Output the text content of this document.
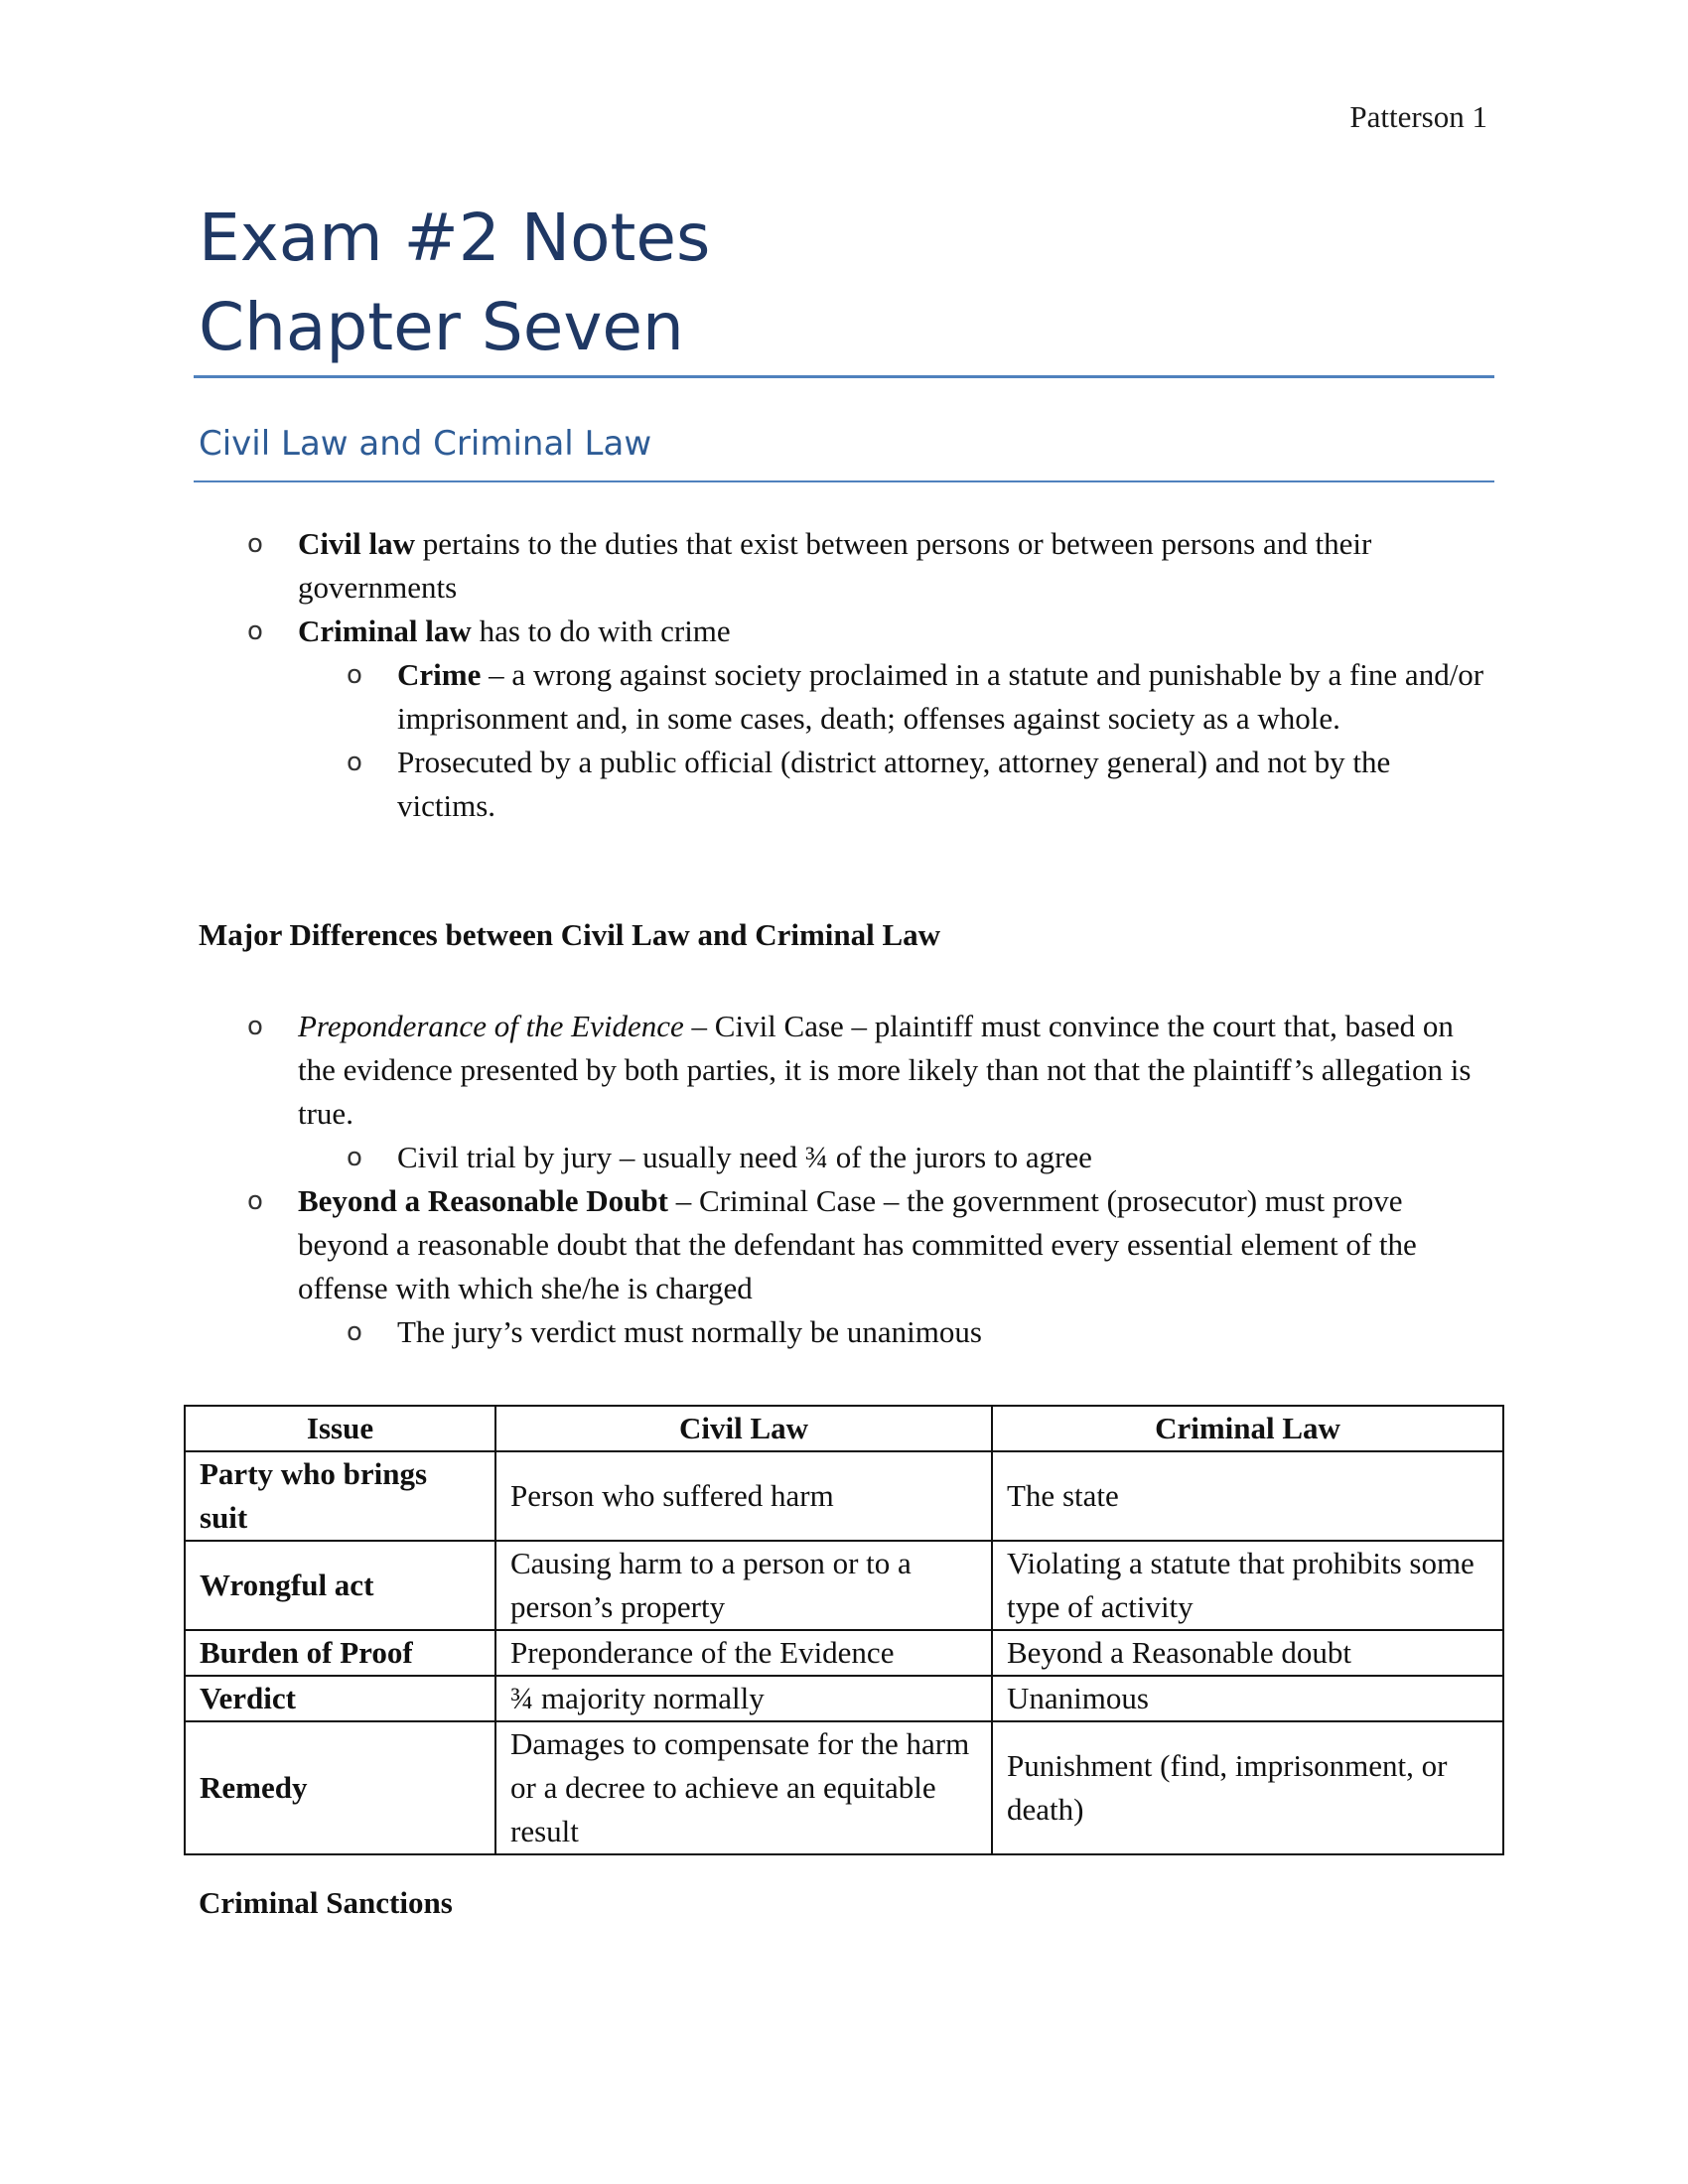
Patterson 1
Exam #2 Notes
Chapter Seven
Civil Law and Criminal Law
o Civil law pertains to the duties that exist between persons or between persons and their governments
o Criminal law has to do with crime
o Crime – a wrong against society proclaimed in a statute and punishable by a fine and/or imprisonment and, in some cases, death; offenses against society as a whole.
o Prosecuted by a public official (district attorney, attorney general) and not by the victims.
Major Differences between Civil Law and Criminal Law
o Preponderance of the Evidence – Civil Case – plaintiff must convince the court that, based on the evidence presented by both parties, it is more likely than not that the plaintiff’s allegation is true.
o Civil trial by jury – usually need ¾ of the jurors to agree
o Beyond a Reasonable Doubt – Criminal Case – the government (prosecutor) must prove beyond a reasonable doubt that the defendant has committed every essential element of the offense with which she/he is charged
o The jury’s verdict must normally be unanimous
Issue	Civil Law	Criminal Law
Party who brings suit	Person who suffered harm	The state
Wrongful act	Causing harm to a person or to a person’s property	Violating a statute that prohibits some type of activity
Burden of Proof	Preponderance of the Evidence	Beyond a Reasonable doubt
Verdict	¾ majority normally	Unanimous
Remedy	Damages to compensate for the harm or a decree to achieve an equitable result	Punishment (find, imprisonment, or death)
Criminal Sanctions
